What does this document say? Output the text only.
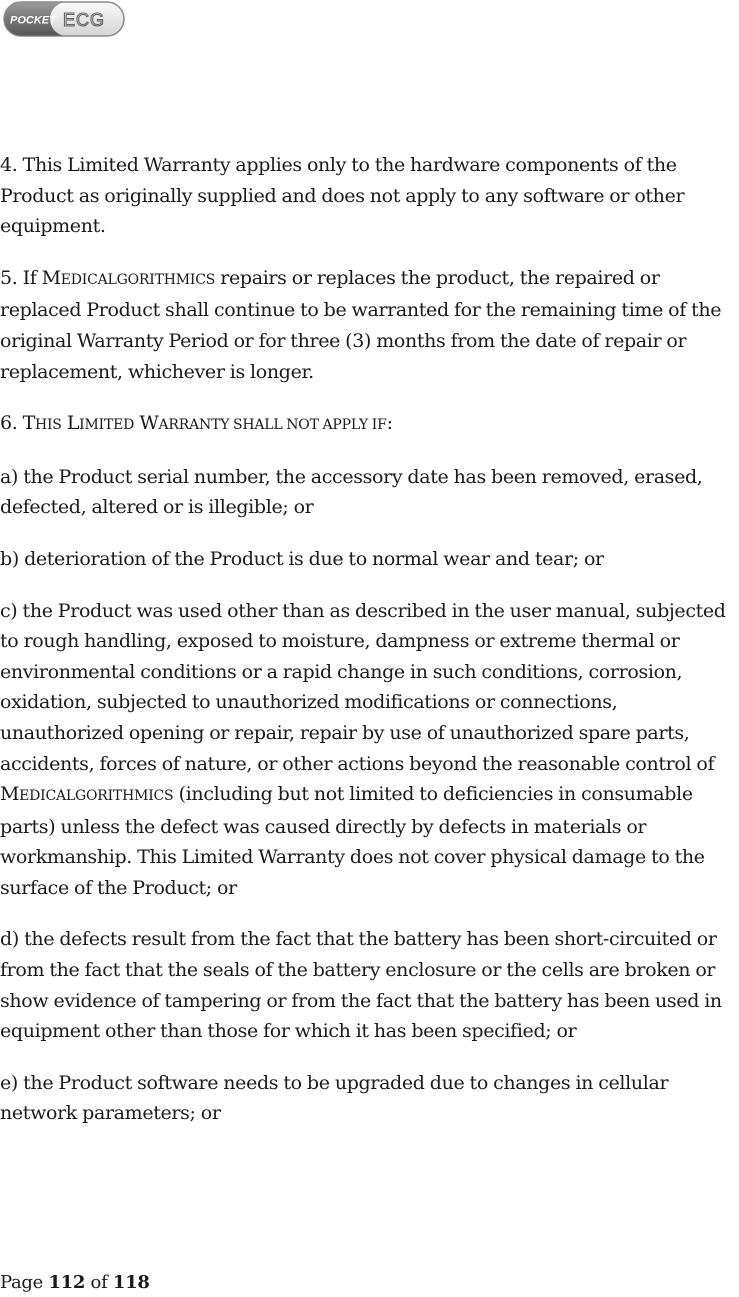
POCKET ECG

4. This Limited Warranty applies only to the hardware components of the Product as originally supplied and does not apply to any software or other equipment.

5. If MEDICALGORITHMICS repairs or replaces the product, the repaired or replaced Product shall continue to be warranted for the remaining time of the original Warranty Period or for three (3) months from the date of repair or replacement, whichever is longer.

6. THIS LIMITED WARRANTY SHALL NOT APPLY IF:

a) the Product serial number, the accessory date has been removed, erased, defected, altered or is illegible; or

b) deterioration of the Product is due to normal wear and tear; or

c) the Product was used other than as described in the user manual, subjected to rough handling, exposed to moisture, dampness or extreme thermal or environmental conditions or a rapid change in such conditions, corrosion, oxidation, subjected to unauthorized modifications or connections, unauthorized opening or repair, repair by use of unauthorized spare parts, accidents, forces of nature, or other actions beyond the reasonable control of MEDICALGORITHMICS (including but not limited to deficiencies in consumable parts) unless the defect was caused directly by defects in materials or workmanship. This Limited Warranty does not cover physical damage to the surface of the Product; or

d) the defects result from the fact that the battery has been short-circuited or from the fact that the seals of the battery enclosure or the cells are broken or show evidence of tampering or from the fact that the battery has been used in equipment other than those for which it has been specified; or

e) the Product software needs to be upgraded due to changes in cellular network parameters; or

Page 112 of 118
